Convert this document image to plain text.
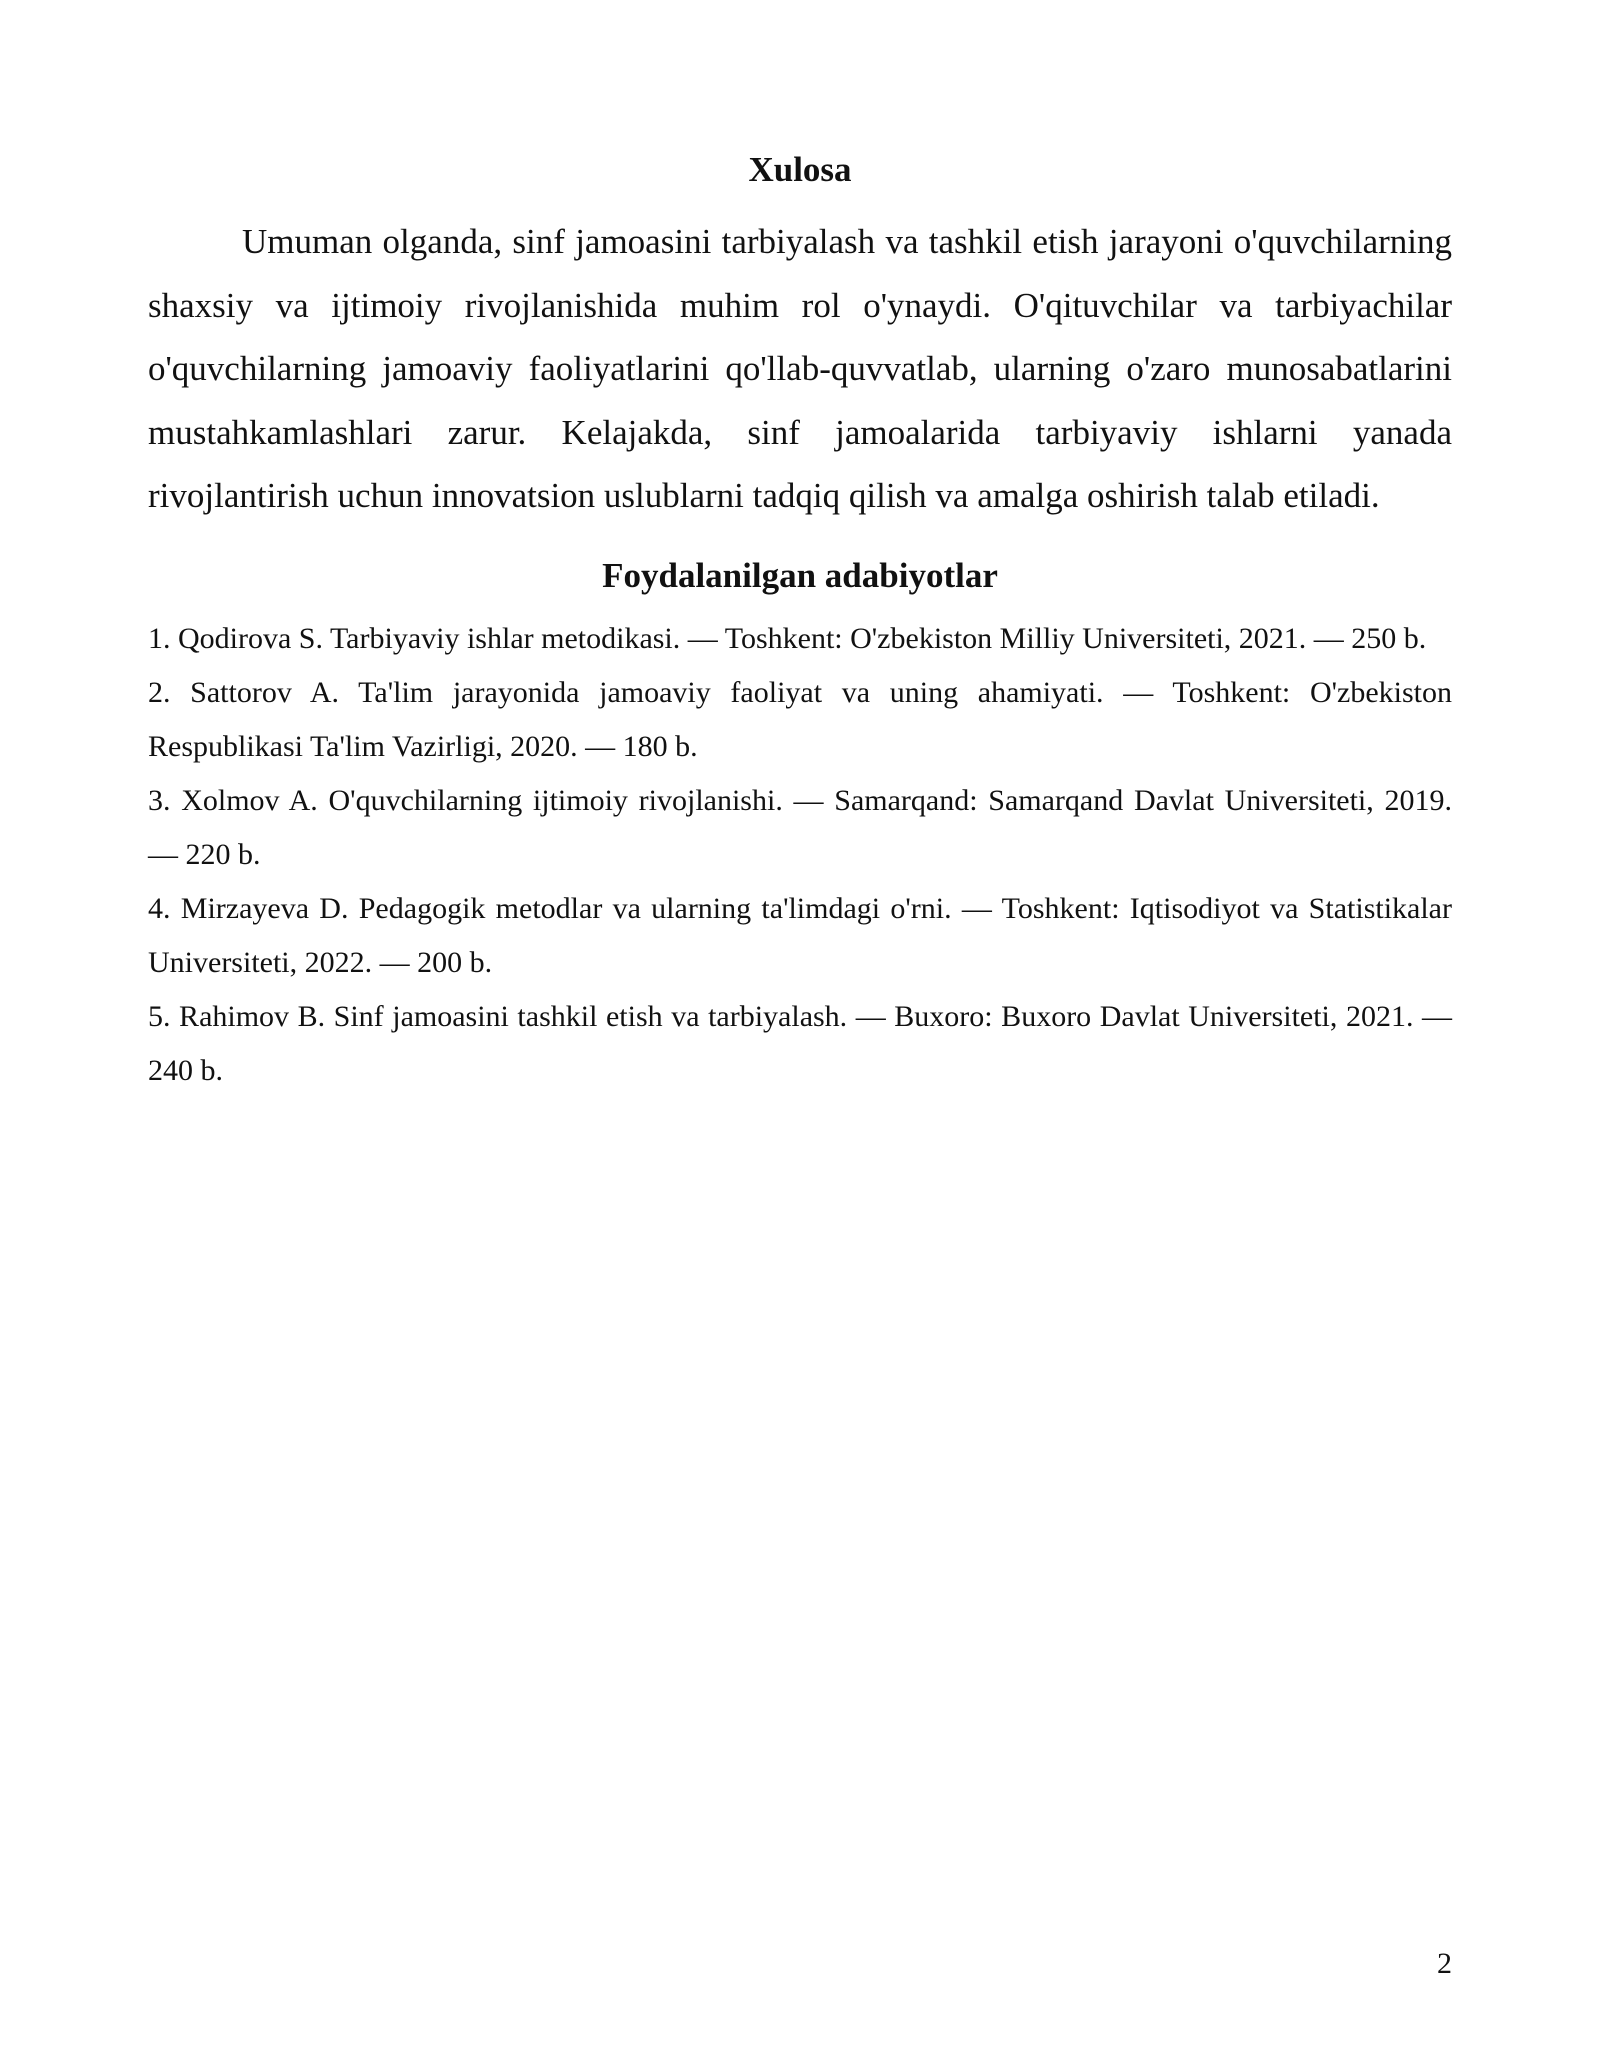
Xulosa

Umuman olganda, sinf jamoasini tarbiyalash va tashkil etish jarayoni o'quvchilarning shaxsiy va ijtimoiy rivojlanishida muhim rol o'ynaydi. O'qituvchilar va tarbiyachilar o'quvchilarning jamoaviy faoliyatlarini qo'llab-quvvatlab, ularning o'zaro munosabatlarini mustahkamlashlari zarur. Kelajakda, sinf jamoalarida tarbiyaviy ishlarni yanada rivojlantirish uchun innovatsion uslublarni tadqiq qilish va amalga oshirish talab etiladi.

Foydalanilgan adabiyotlar
1. Qodirova S. Tarbiyaviy ishlar metodikasi. — Toshkent: O'zbekiston Milliy Universiteti, 2021. — 250 b.
2. Sattorov A. Ta'lim jarayonida jamoaviy faoliyat va uning ahamiyati. — Toshkent: O'zbekiston Respublikasi Ta'lim Vazirligi, 2020. — 180 b.
3. Xolmov A. O'quvchilarning ijtimoiy rivojlanishi. — Samarqand: Samarqand Davlat Universiteti, 2019. — 220 b.
4. Mirzayeva D. Pedagogik metodlar va ularning ta'limdagi o'rni. — Toshkent: Iqtisodiyot va Statistikalar Universiteti, 2022. — 200 b.
5. Rahimov B. Sinf jamoasini tashkil etish va tarbiyalash. — Buxoro: Buxoro Davlat Universiteti, 2021. — 240 b.
2
